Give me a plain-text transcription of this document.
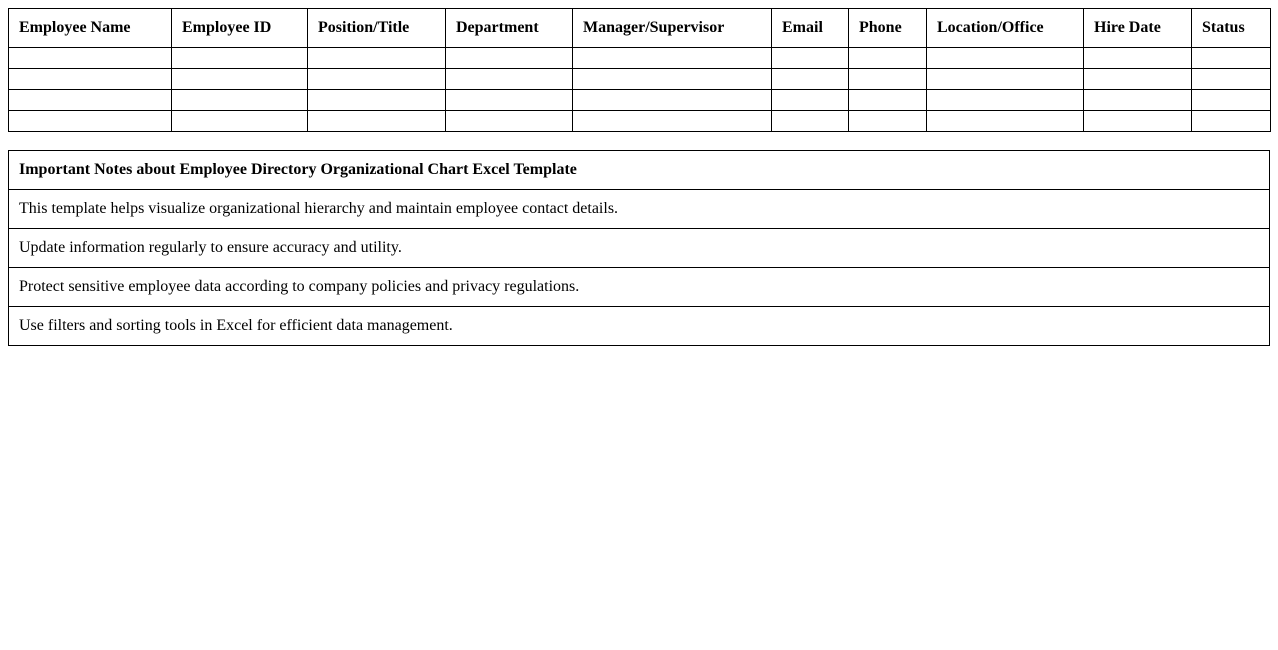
Employee Name	Employee ID	Position/Title	Department	Manager/Supervisor	Email	Phone	Location/Office	Hire Date	Status

Important Notes about Employee Directory Organizational Chart Excel Template
This template helps visualize organizational hierarchy and maintain employee contact details.
Update information regularly to ensure accuracy and utility.
Protect sensitive employee data according to company policies and privacy regulations.
Use filters and sorting tools in Excel for efficient data management.
